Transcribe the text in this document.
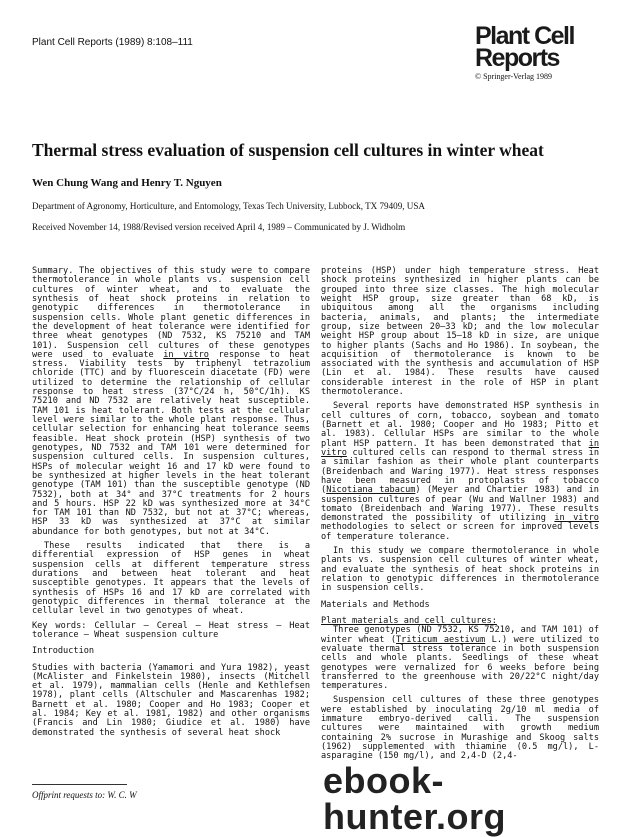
Plant Cell Reports (1989) 8:108–111	Plant Cell
Reports
© Springer-Verlag 1989
Thermal stress evaluation of suspension cell cultures in winter wheat
Wen Chung Wang and Henry T. Nguyen
Department of Agronomy, Horticulture, and Entomology, Texas Tech University, Lubbock, TX 79409, USA
Received November 14, 1988/Revised version received April 4, 1989 – Communicated by J. Widholm

Summary. The objectives of this study were to compare thermotolerance in whole plants vs. suspension cell cultures of winter wheat, and to evaluate the synthesis of heat shock proteins in relation to genotypic differences in thermotolerance in suspension cells. Whole plant genetic differences in the development of heat tolerance were identified for three wheat genotypes (ND 7532, KS 75210 and TAM 101). Suspension cell cultures of these genotypes were used to evaluate in vitro response to heat stress. Viability tests by triphenyl tetrazolium chloride (TTC) and by fluorescein diacetate (FD) were utilized to determine the relationship of cellular response to heat stress (37°C/24 h, 50°C/1h). KS 75210 and ND 7532 are relatively heat susceptible. TAM 101 is heat tolerant. Both tests at the cellular level were similar to the whole plant response. Thus, cellular selection for enhancing heat tolerance seems feasible. Heat shock protein (HSP) synthesis of two genotypes, ND 7532 and TAM 101 were determined for suspension cultured cells. In suspension cultures, HSPs of molecular weight 16 and 17 kD were found to be synthesized at higher levels in the heat tolerant genotype (TAM 101) than the susceptible genotype (ND 7532), both at 34° and 37°C treatments for 2 hours and 5 hours. HSP 22 kD was synthesized more at 34°C for TAM 101 than ND 7532, but not at 37°C; whereas, HSP 33 kD was synthesized at 37°C at similar abundance for both genotypes, but not at 34°C.

These results indicated that there is a differential expression of HSP genes in wheat suspension cells at different temperature stress durations and between heat tolerant and heat susceptible genotypes. It appears that the levels of synthesis of HSPs 16 and 17 kD are correlated with genotypic differences in thermal tolerance at the cellular level in two genotypes of wheat.

Key words: Cellular – Cereal – Heat stress – Heat tolerance – Wheat suspension culture

Introduction

Studies with bacteria (Yamamori and Yura 1982), yeast (McAlister and Finkelstein 1980), insects (Mitchell et al. 1979), mammalian cells (Henle and Kethlefsen 1978), plant cells (Altschuler and Mascarenhas 1982; Barnett et al. 1980; Cooper and Ho 1983; Cooper et al. 1984; Key et al. 1981, 1982) and other organisms (Francis and Lin 1980; Giudice et al. 1980) have demonstrated the synthesis of several heat shock

proteins (HSP) under high temperature stress. Heat shock proteins synthesized in higher plants can be grouped into three size classes. The high molecular weight HSP group, size greater than 68 kD, is ubiquitous among all the organisms including bacteria, animals, and plants; the intermediate group, size between 20–33 kD; and the low molecular weight HSP group about 15–18 kD in size, are unique to higher plants (Sachs and Ho 1986). In soybean, the acquisition of thermotolerance is known to be associated with the synthesis and accumulation of HSP (Lin et al. 1984). These results have caused considerable interest in the role of HSP in plant thermotolerance.

Several reports have demonstrated HSP synthesis in cell cultures of corn, tobacco, soybean and tomato (Barnett et al. 1980; Cooper and Ho 1983; Pitto et al. 1983). Cellular HSPs are similar to the whole plant HSP pattern. It has been demonstrated that in vitro cultured cells can respond to thermal stress in a similar fashion as their whole plant counterparts (Breidenbach and Waring 1977). Heat stress responses have been measured in protoplasts of tobacco (Nicotiana tabacum) (Meyer and Chartier 1983) and in suspension cultures of pear (Wu and Wallner 1983) and tomato (Breidenbach and Waring 1977). These results demonstrated the possibility of utilizing in vitro methodologies to select or screen for improved levels of temperature tolerance.

In this study we compare thermotolerance in whole plants vs. suspension cell cultures of winter wheat, and evaluate the synthesis of heat shock proteins in relation to genotypic differences in thermotolerance in suspension cells.

Materials and Methods

Plant materials and cell cultures:

Three genotypes (ND 7532, KS 75210, and TAM 101) of winter wheat (Triticum aestivum L.) were utilized to evaluate thermal stress tolerance in both suspension cells and whole plants. Seedlings of these wheat genotypes were vernalized for 6 weeks before being transferred to the greenhouse with 20/22°C night/day temperatures.

Suspension cell cultures of these three genotypes were established by inoculating 2g/10 ml media of immature embryo-derived calli. The suspension cultures were maintained with growth medium containing 2% sucrose in Murashige and Skoog salts (1962) supplemented with thiamine (0.5 mg/l), L-asparagine (150 mg/l), and 2,4-D (2,4-

Offprint requests to: W. C. W	ebook-hunter.org
